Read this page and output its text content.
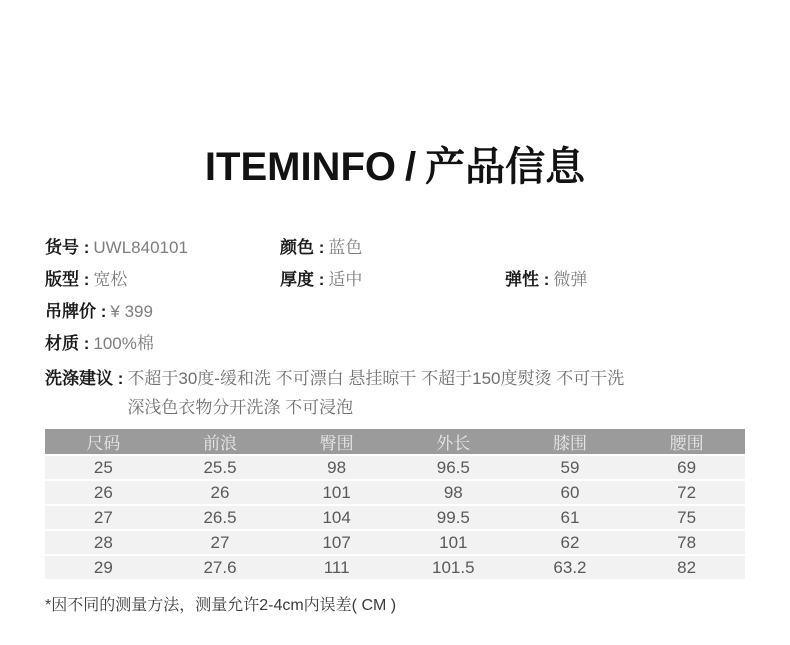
ITEMINFO / 产品信息
货号 : UWL840101	颜色 : 蓝色
版型 : 宽松	厚度 : 适中	弹性 : 微弹
吊牌价 : ¥ 399
材质 : 100%棉
洗涤建议 : 不超于30度-缓和洗 不可漂白 悬挂晾干 不超于150度熨烫 不可干洗
深浅色衣物分开洗涤 不可浸泡
尺码	前浪	臀围	外长	膝围	腰围
25	25.5	98	96.5	59	69
26	26	101	98	60	72
27	26.5	104	99.5	61	75
28	27	107	101	62	78
29	27.6	111	101.5	63.2	82
*因不同的测量方法，测量允许2-4cm内误差( CM )
